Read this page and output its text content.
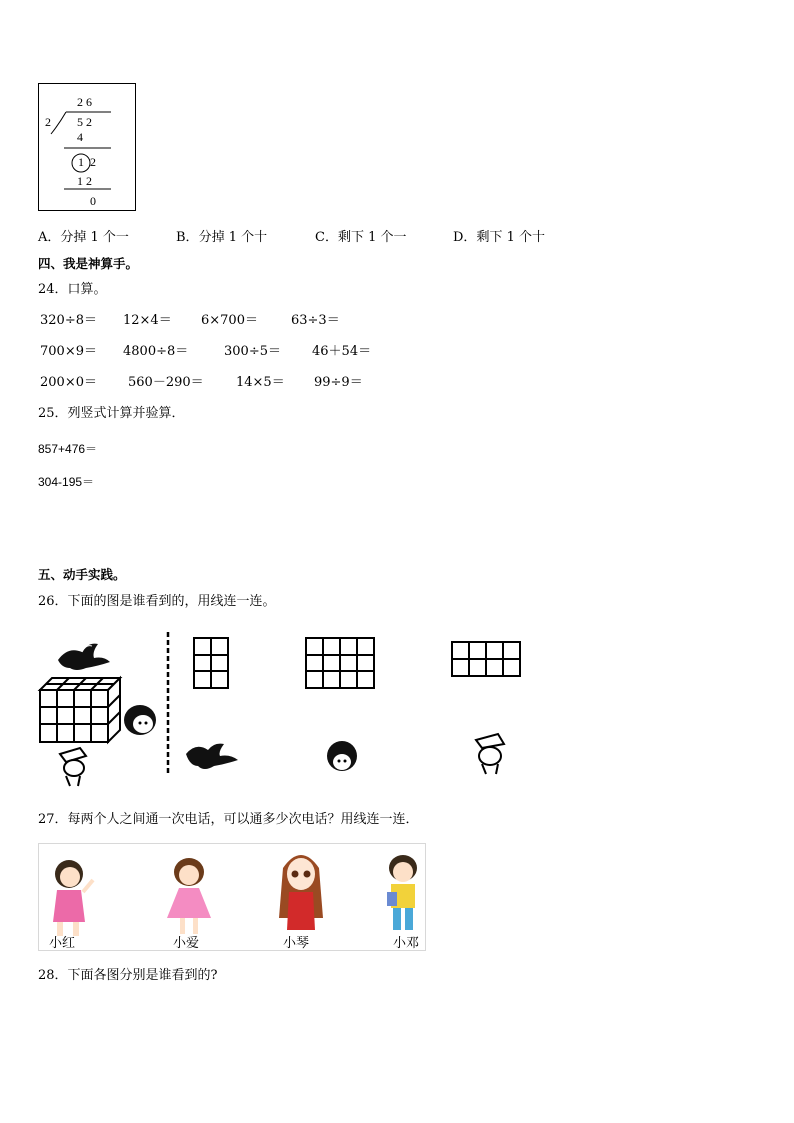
2 6
2 5 2
4
1 2
1 2
0
A．分掉 1 个一	B．分掉 1 个十	C．剩下 1 个一	D．剩下 1 个十
四、我是神算手。
24．口算。
320÷8＝ 12×4＝ 6×700＝	63÷3＝
700×9＝ 4800÷8＝	300÷5＝ 46＋54＝
200×0＝ 560－290＝ 14×5＝ 99÷9＝
25．列竖式计算并验算．
857+476＝
304-195＝
五、动手实践。
26．下面的图是谁看到的，用线连一连。
27．每两个人之间通一次电话，可以通多少次电话？用线连一连．
小红	小爱	小琴	小邓
28．下面各图分别是谁看到的?
